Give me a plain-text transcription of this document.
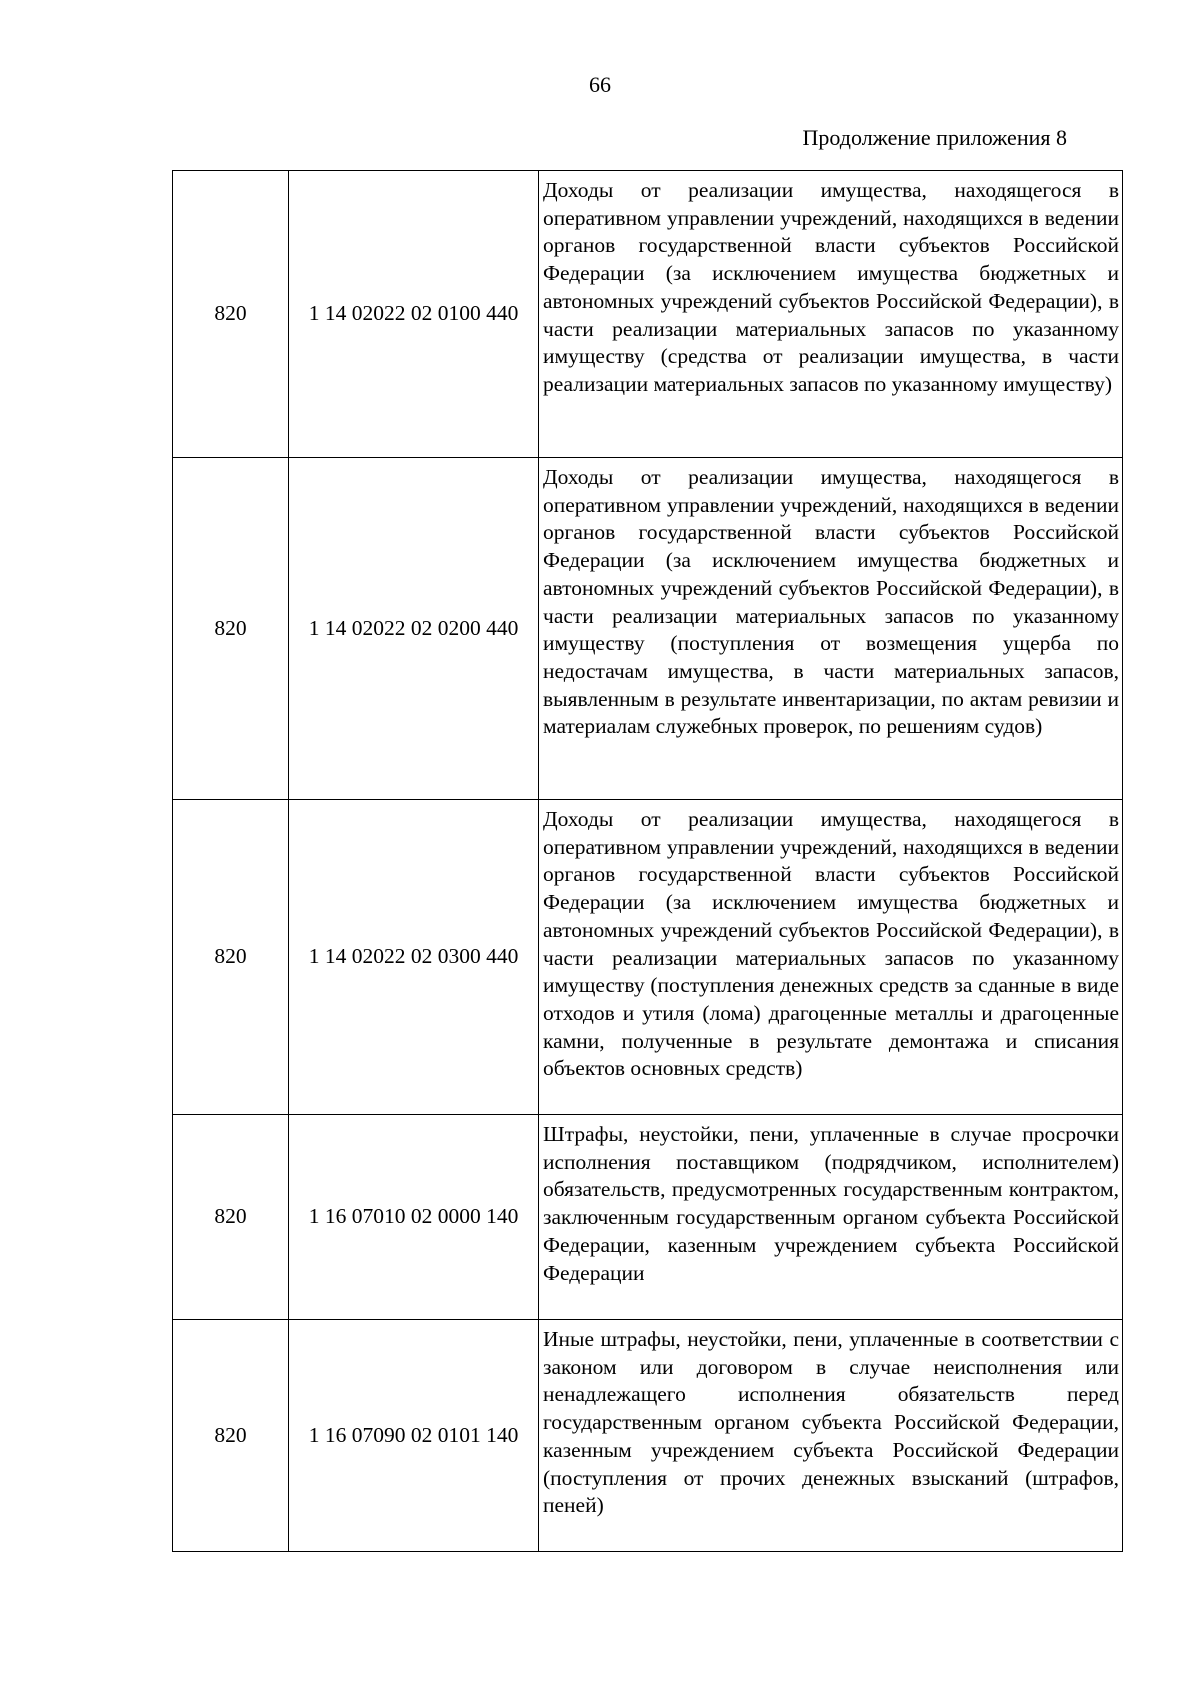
66
Продолжение приложения 8
820	1 14 02022 02 0100 440	Доходы от реализации имущества, находящегося в оперативном управлении учреждений, находящихся в ведении органов государственной власти субъектов Российской Федерации (за исключением имущества бюджетных и автономных учреждений субъектов Российской Федерации), в части реализации материальных запасов по указанному имуществу (средства от реализации имущества, в части реализации материальных запасов по указанному имуществу)
820	1 14 02022 02 0200 440	Доходы от реализации имущества, находящегося в оперативном управлении учреждений, находящихся в ведении органов государственной власти субъектов Российской Федерации (за исключением имущества бюджетных и автономных учреждений субъектов Российской Федерации), в части реализации материальных запасов по указанному имуществу (поступления от возмещения ущерба по недостачам имущества, в части материальных запасов, выявленным в результате инвентаризации, по актам ревизии и материалам служебных проверок, по решениям судов)
820	1 14 02022 02 0300 440	Доходы от реализации имущества, находящегося в оперативном управлении учреждений, находящихся в ведении органов государственной власти субъектов Российской Федерации (за исключением имущества бюджетных и автономных учреждений субъектов Российской Федерации), в части реализации материальных запасов по указанному имуществу (поступления денежных средств за сданные в виде отходов и утиля (лома) драгоценные металлы и драгоценные камни, полученные в результате демонтажа и списания объектов основных средств)
820	1 16 07010 02 0000 140	Штрафы, неустойки, пени, уплаченные в случае просрочки исполнения поставщиком (подрядчиком, исполнителем) обязательств, предусмотренных государственным контрактом, заключенным государственным органом субъекта Российской Федерации, казенным учреждением субъекта Российской Федерации
820	1 16 07090 02 0101 140	Иные штрафы, неустойки, пени, уплаченные в соответствии с законом или договором в случае неисполнения или ненадлежащего исполнения обязательств перед государственным органом субъекта Российской Федерации, казенным учреждением субъекта Российской Федерации (поступления от прочих денежных взысканий (штрафов, пеней)
